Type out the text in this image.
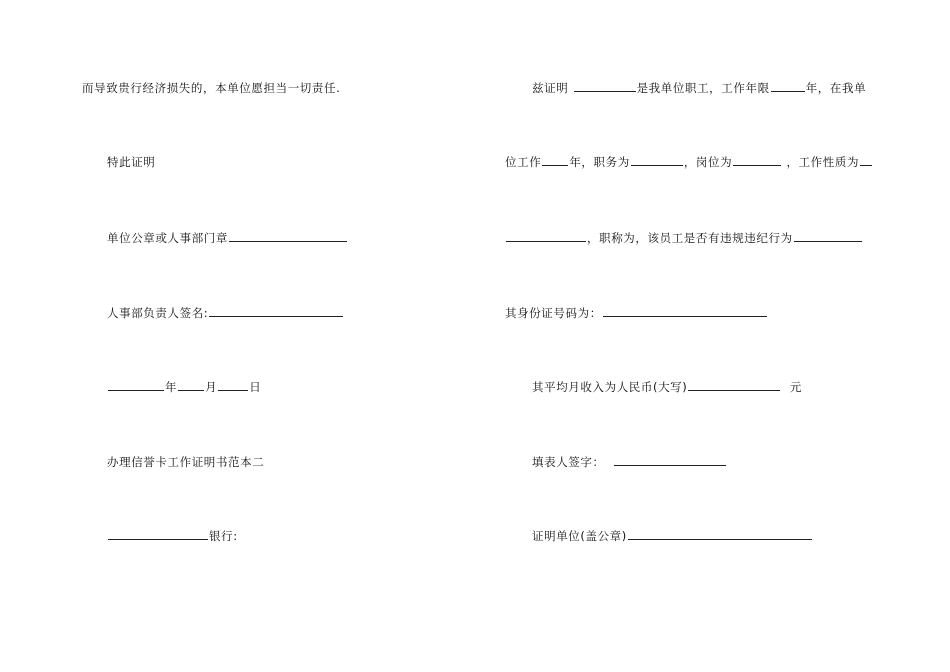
而导致贵行经济损失的，本单位愿担当一切责任.
特此证明
单位公章或人事部门章
人事部负责人签名:
年 月	日
办理信誉卡工作证明书范本二
银行:
兹证明	是我单位职工，工作年限	年，在我单
位工作 年，职务为	，岗位为	，工作性质为
，职称为，该员工是否有违规违纪行为
其身份证号码为：
其平均月收入为人民币(大写)	元
填表人签字：
证明单位(盖公章)
